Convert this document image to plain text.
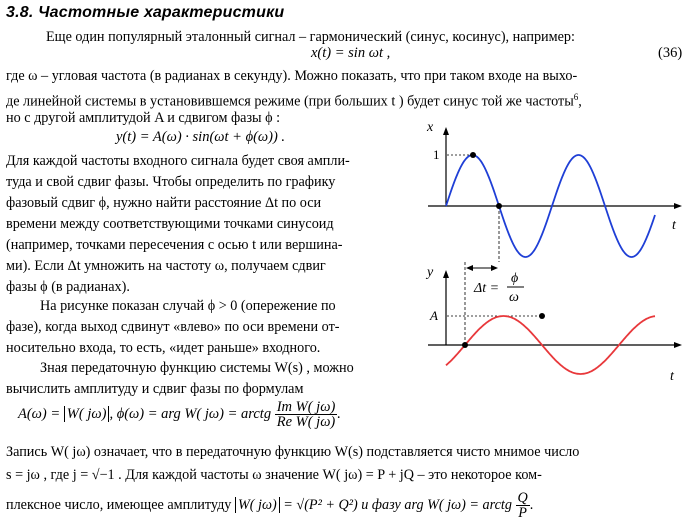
3.8. Частотные характеристики
Еще один популярный эталонный сигнал – гармонический (синус, косинус), например:
x(t) = sin ωt ,	(36)
где ω – угловая частота (в радианах в секунду). Можно показать, что при таком входе на выхо-
де линейной системы в установившемся режиме (при больших t ) будет синус той же частоты$^6$,
но с другой амплитудой A и сдвигом фазы ϕ :
y(t) = A(ω) · sin(ωt + ϕ(ω)) .
Для каждой частоты входного сигнала будет своя ампли-
туда и свой сдвиг фазы. Чтобы определить по графику
фазовый сдвиг ϕ, нужно найти расстояние Δt по оси
времени между соответствующими точками синусоид
(например, точками пересечения с осью t или вершина-
ми). Если Δt умножить на частоту ω, получаем сдвиг
фазы ϕ (в радианах).
На рисунке показан случай ϕ > 0 (опережение по
фазе), когда выход сдвинут «влево» по оси времени от-
носительно входа, то есть, «идет раньше» входного.
Зная передаточную функцию системы W(s) , можно
вычислить амплитуду и сдвиг фазы по формулам
A(ω) = W( jω) , ϕ(ω) = arg W( jω) = arctg $\frac{\text{Im W( jω)}}{\text{Re W( jω)}}$ .
Запись W( jω) означает, что в передаточную функцию W(s) подставляется чисто мнимое число
s = jω , где j = √−1 . Для каждой частоты ω значение W( jω) = P + jQ – это некоторое ком-
плексное число, имеющее амплитуду W( jω) = √(P² + Q²) и фазу arg W( jω) = arctg $\frac{Q}{P}$ .
x
t
1
y
t
A
Δt =
ϕ
ω
